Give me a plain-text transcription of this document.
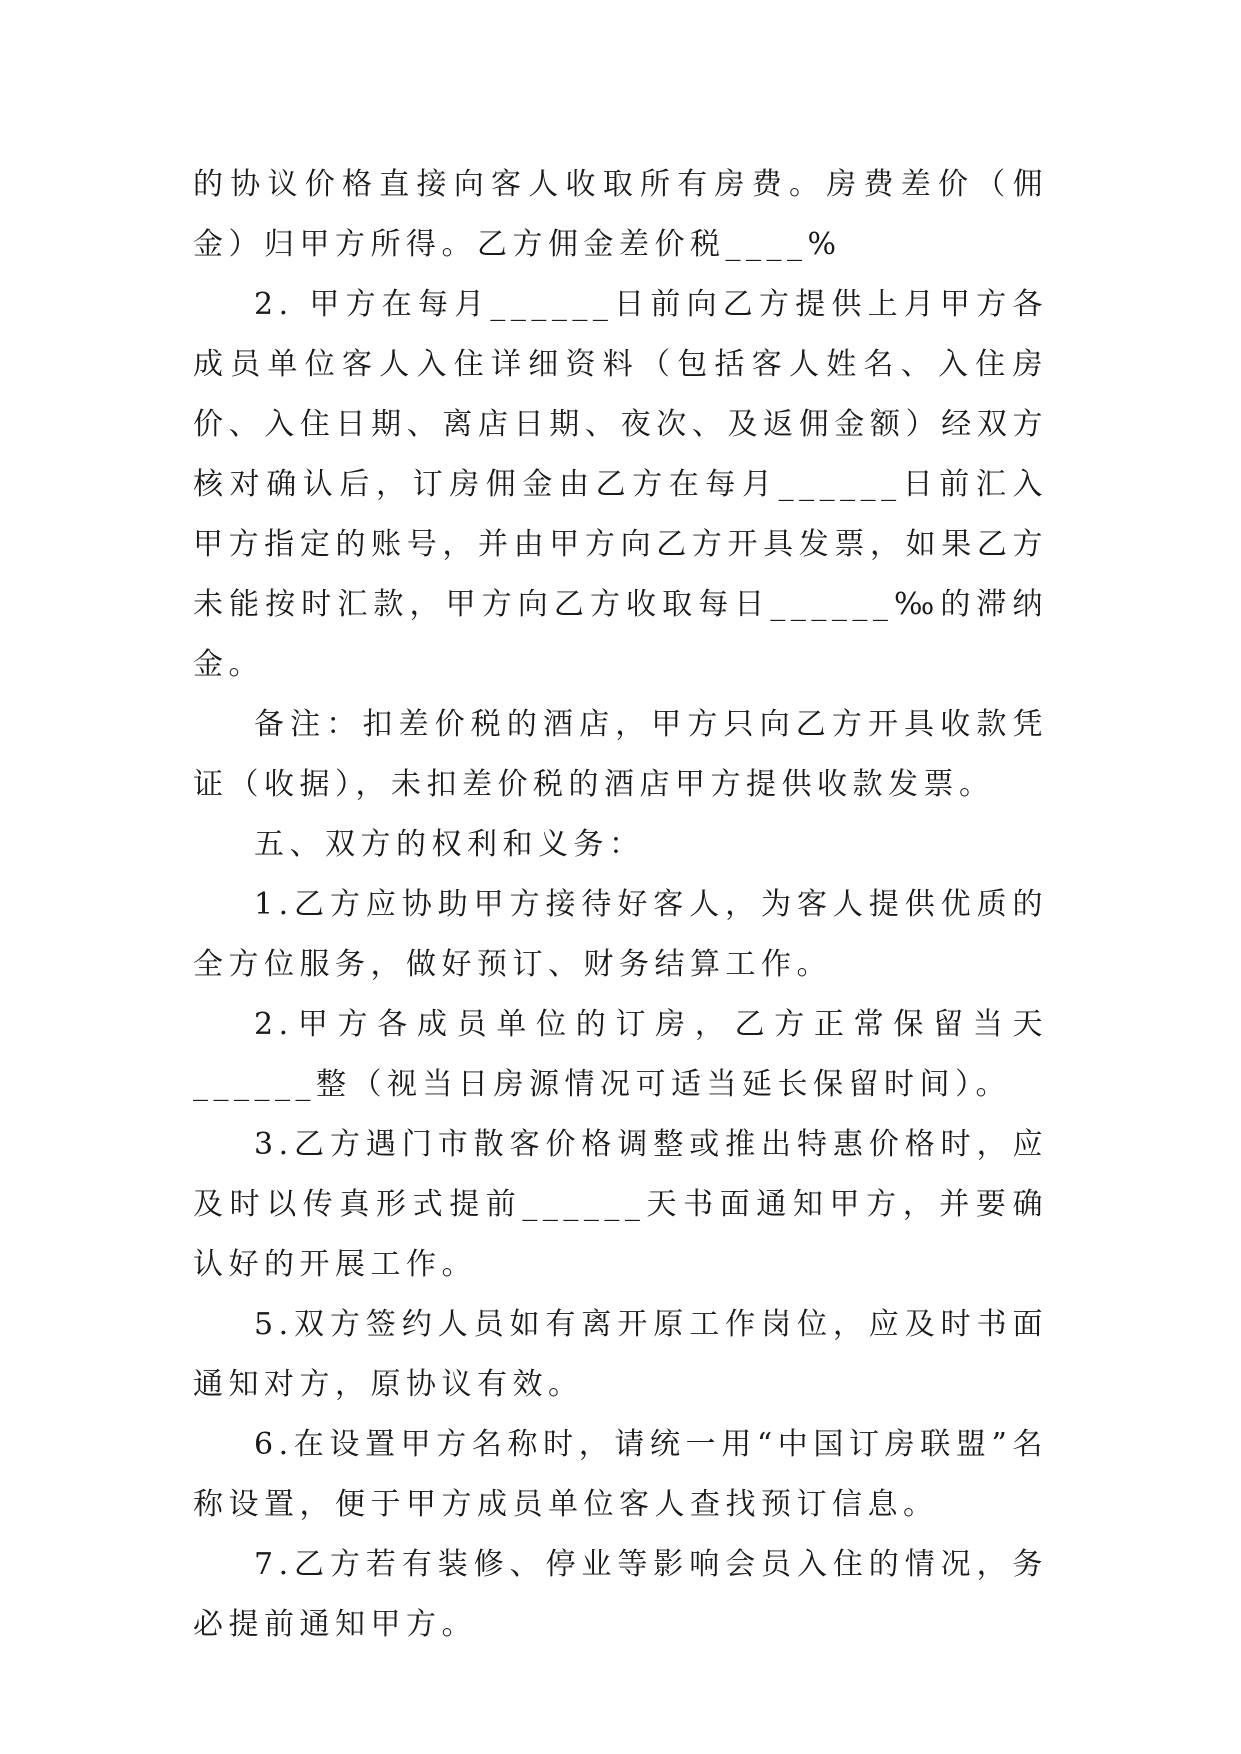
的协议价格直接向客人收取所有房费。房费差价（佣金）归甲方所得。乙方佣金差价税____%

2. 甲方在每月______日前向乙方提供上月甲方各成员单位客人入住详细资料（包括客人姓名、入住房价、入住日期、离店日期、夜次、及返佣金额）经双方核对确认后，订房佣金由乙方在每月______日前汇入甲方指定的账号，并由甲方向乙方开具发票，如果乙方未能按时汇款，甲方向乙方收取每日______‰的滞纳金。

备注：扣差价税的酒店，甲方只向乙方开具收款凭证（收据），未扣差价税的酒店甲方提供收款发票。

五、双方的权利和义务：

1.乙方应协助甲方接待好客人，为客人提供优质的全方位服务，做好预订、财务结算工作。

2.甲方各成员单位的订房，乙方正常保留当天______整（视当日房源情况可适当延长保留时间）。

3.乙方遇门市散客价格调整或推出特惠价格时，应及时以传真形式提前______天书面通知甲方，并要确认好的开展工作。

5.双方签约人员如有离开原工作岗位，应及时书面通知对方，原协议有效。

6.在设置甲方名称时，请统一用“中国订房联盟”名称设置，便于甲方成员单位客人查找预订信息。

7.乙方若有装修、停业等影响会员入住的情况，务必提前通知甲方。
